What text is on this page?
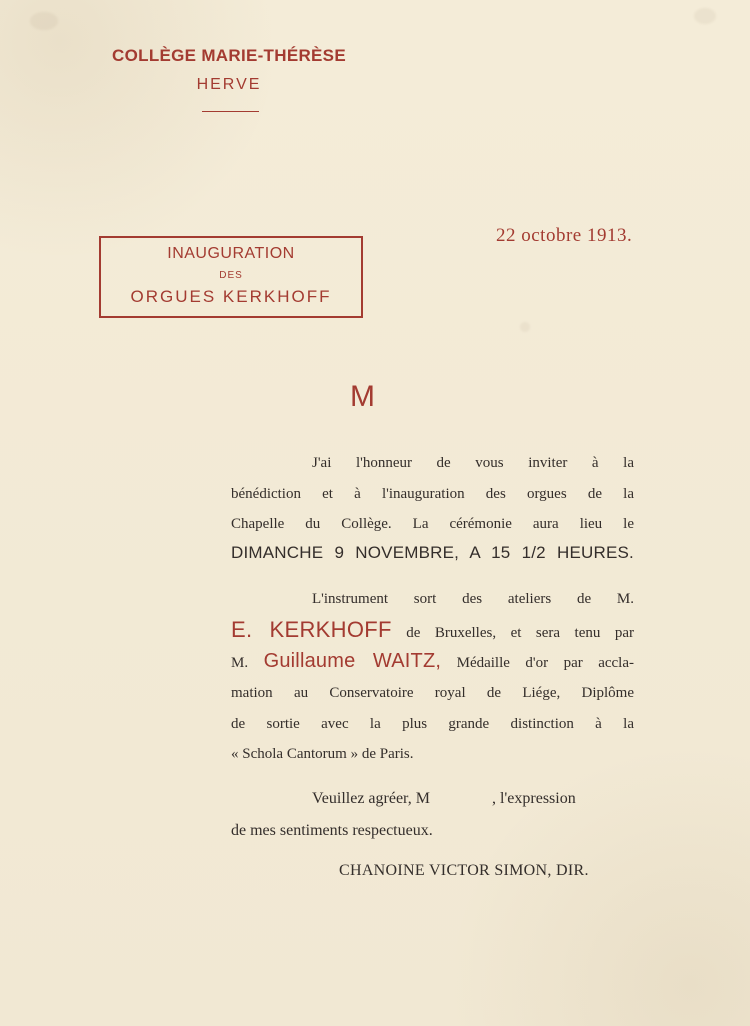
COLLÈGE MARIE-THÉRÈSE
HERVE
INAUGURATION
DES
ORGUES KERKHOFF
22 octobre 1913.
M
J'ai l'honneur de vous inviter à la
bénédiction et à l'inauguration des orgues de la
Chapelle du Collège. La cérémonie aura lieu le
DIMANCHE 9 NOVEMBRE, A 15 1/2 HEURES.
L'instrument sort des ateliers de M.
E. KERKHOFF de Bruxelles, et sera tenu par
M. Guillaume WAITZ, Médaille d'or par accla-
mation au Conservatoire royal de Liége, Diplôme
de sortie avec la plus grande distinction à la
« Schola Cantorum » de Paris.
Veuillez agréer, M	, l'expression
de mes sentiments respectueux.
CHANOINE VICTOR SIMON, DIR.
